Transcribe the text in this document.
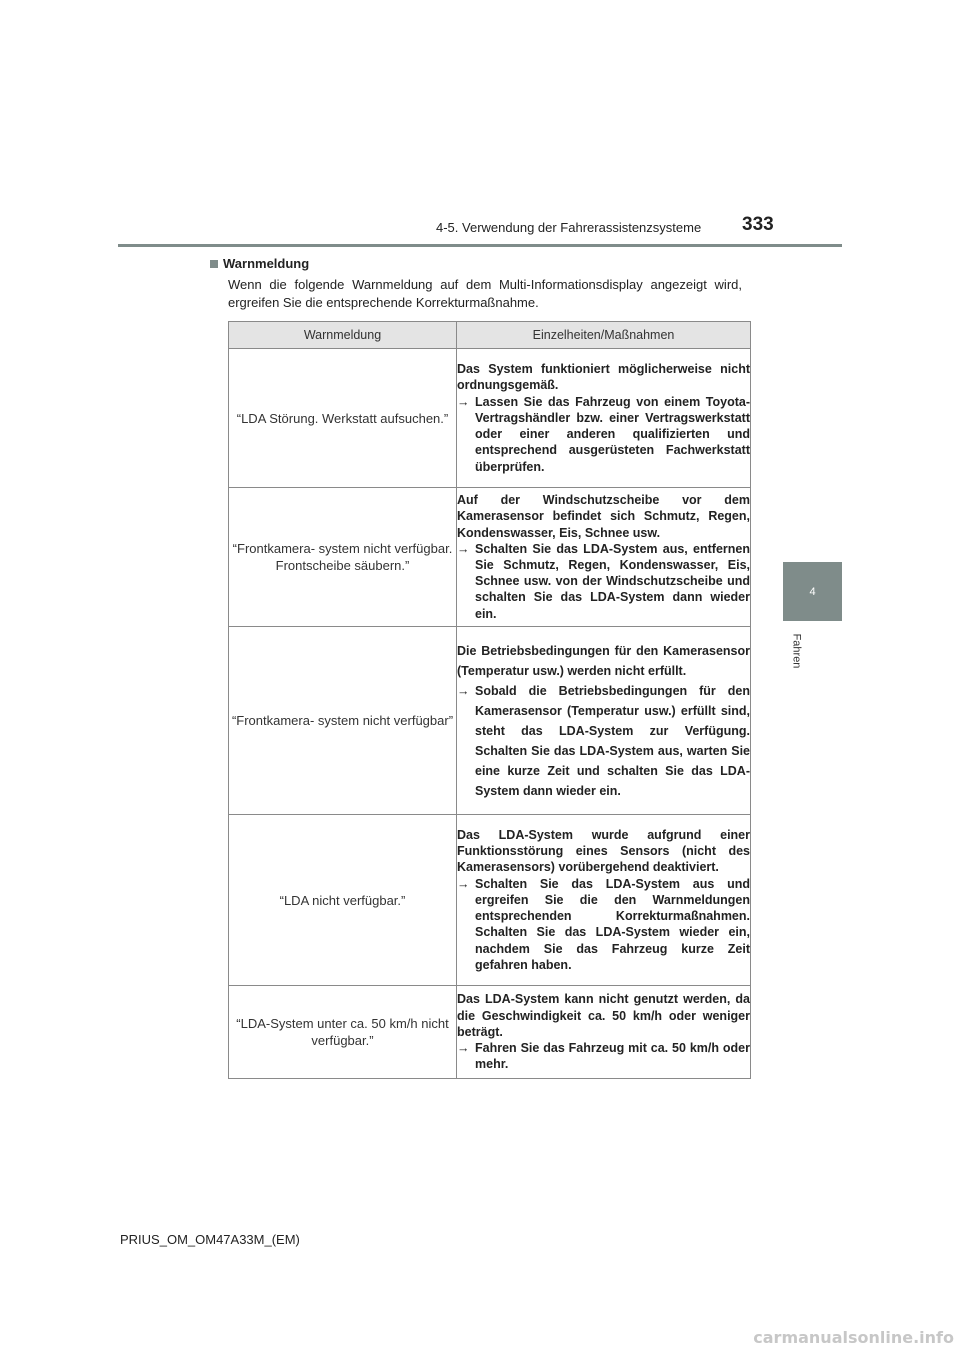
4-5. Verwendung der Fahrerassistenzsysteme 333
4
Fahren
Warnmeldung
Wenn die folgende Warnmeldung auf dem Multi-Informationsdisplay angezeigt wird, ergreifen Sie die entsprechende Korrekturmaßnahme.
Warnmeldung	Einzelheiten/Maßnahmen
“LDA Störung. Werkstatt aufsuchen.”	Das System funktioniert möglicherweise nicht ordnungsgemäß.
→ Lassen Sie das Fahrzeug von einem Toyota-Vertragshändler bzw. einer Vertragswerkstatt oder einer anderen qualifizierten und entsprechend ausgerüsteten Fachwerkstatt überprüfen.

“Frontkamera- system nicht verfügbar. Frontscheibe säubern.”	Auf der Windschutzscheibe vor dem Kamerasensor befindet sich Schmutz, Regen, Kondenswasser, Eis, Schnee usw.
→ Schalten Sie das LDA-System aus, entfernen Sie Schmutz, Regen, Kondenswasser, Eis, Schnee usw. von der Windschutzscheibe und schalten Sie das LDA-System dann wieder ein.

“Frontkamera- system nicht verfügbar”	Die Betriebsbedingungen für den Kamerasensor (Temperatur usw.) werden nicht erfüllt.
→ Sobald die Betriebsbedingungen für den Kamerasensor (Temperatur usw.) erfüllt sind, steht das LDA-System zur Verfügung. Schalten Sie das LDA-System aus, warten Sie eine kurze Zeit und schalten Sie das LDA-System dann wieder ein.

“LDA nicht verfügbar.”	Das LDA-System wurde aufgrund einer Funktionsstörung eines Sensors (nicht des Kamerasensors) vorübergehend deaktiviert.
→ Schalten Sie das LDA-System aus und ergreifen Sie die den Warnmeldungen entsprechenden Korrekturmaßnahmen. Schalten Sie das LDA-System wieder ein, nachdem Sie das Fahrzeug kurze Zeit gefahren haben.

“LDA-System unter ca. 50 km/h nicht verfügbar.”	Das LDA-System kann nicht genutzt werden, da die Geschwindigkeit ca. 50 km/h oder weniger beträgt.
→ Fahren Sie das Fahrzeug mit ca. 50 km/h oder mehr.
PRIUS_OM_OM47A33M_(EM)
carmanualsonline.info
